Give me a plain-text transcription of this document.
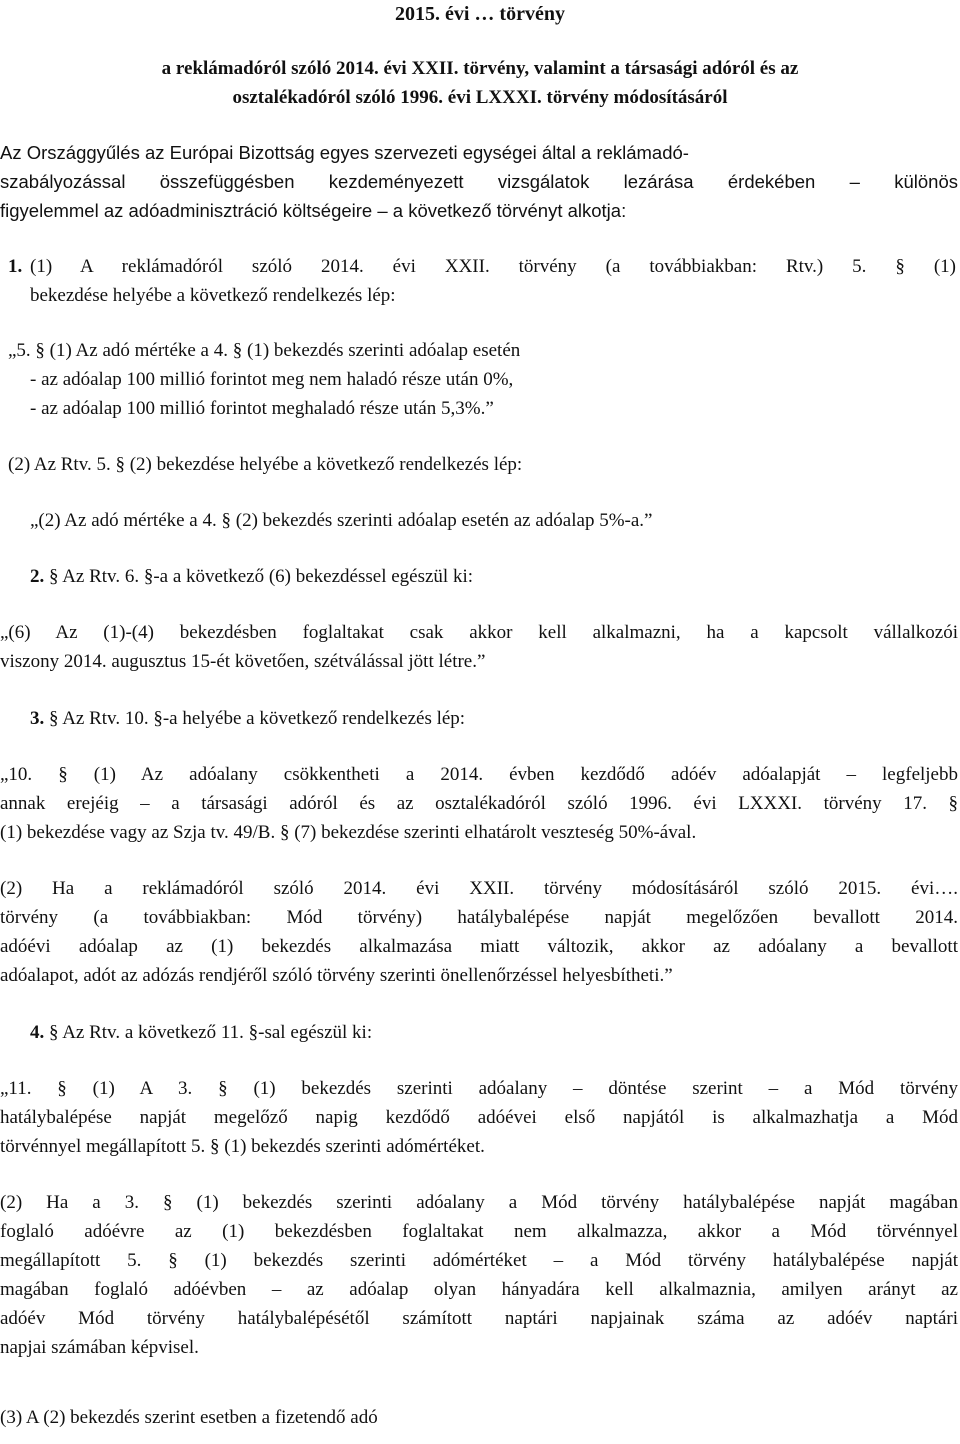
2015. évi … törvény
a reklámadóról szóló 2014. évi XXII. törvény, valamint a társasági adóról és az
osztalékadóról szóló 1996. évi LXXXI. törvény módosításáról
Az Országgyűlés az Európai Bizottság egyes szervezeti egységei által a reklámadó-
szabályozással összefüggésben kezdeményezett vizsgálatok lezárása érdekében – különös
figyelemmel az adóadminisztráció költségeire – a következő törvényt alkotja:
1. (1) A reklámadóról szóló 2014. évi XXII. törvény (a továbbiakban: Rtv.) 5. § (1)
bekezdése helyébe a következő rendelkezés lép:
„5. § (1) Az adó mértéke a 4. § (1) bekezdés szerinti adóalap esetén
- az adóalap 100 millió forintot meg nem haladó része után 0%,
- az adóalap 100 millió forintot meghaladó része után 5,3%.”
(2) Az Rtv. 5. § (2) bekezdése helyébe a következő rendelkezés lép:
„(2) Az adó mértéke a 4. § (2) bekezdés szerinti adóalap esetén az adóalap 5%-a.”
2. § Az Rtv. 6. §-a a következő (6) bekezdéssel egészül ki:
„(6) Az (1)-(4) bekezdésben foglaltakat csak akkor kell alkalmazni, ha a kapcsolt vállalkozói
viszony 2014. augusztus 15-ét követően, szétválással jött létre.”
3. § Az Rtv. 10. §-a helyébe a következő rendelkezés lép:
„10. § (1) Az adóalany csökkentheti a 2014. évben kezdődő adóév adóalapját – legfeljebb
annak erejéig – a társasági adóról és az osztalékadóról szóló 1996. évi LXXXI. törvény 17. §
(1) bekezdése vagy az Szja tv. 49/B. § (7) bekezdése szerinti elhatárolt veszteség 50%-ával.
(2) Ha a reklámadóról szóló 2014. évi XXII. törvény módosításáról szóló 2015. évi….
törvény (a továbbiakban: Mód törvény) hatálybalépése napját megelőzően bevallott 2014.
adóévi adóalap az (1) bekezdés alkalmazása miatt változik, akkor az adóalany a bevallott
adóalapot, adót az adózás rendjéről szóló törvény szerinti önellenőrzéssel helyesbítheti.”
4. § Az Rtv. a következő 11. §-sal egészül ki:
„11. § (1) A 3. § (1) bekezdés szerinti adóalany – döntése szerint – a Mód törvény
hatálybalépése napját megelőző napig kezdődő adóévei első napjától is alkalmazhatja a Mód
törvénnyel megállapított 5. § (1) bekezdés szerinti adómértéket.
(2) Ha a 3. § (1) bekezdés szerinti adóalany a Mód törvény hatálybalépése napját magában
foglaló adóévre az (1) bekezdésben foglaltakat nem alkalmazza, akkor a Mód törvénnyel
megállapított 5. § (1) bekezdés szerinti adómértéket – a Mód törvény hatálybalépése napját
magában foglaló adóévben – az adóalap olyan hányadára kell alkalmaznia, amilyen arányt az
adóév Mód törvény hatálybalépésétől számított naptári napjainak száma az adóév naptári
napjai számában képvisel.
(3) A (2) bekezdés szerint esetben a fizetendő adó
